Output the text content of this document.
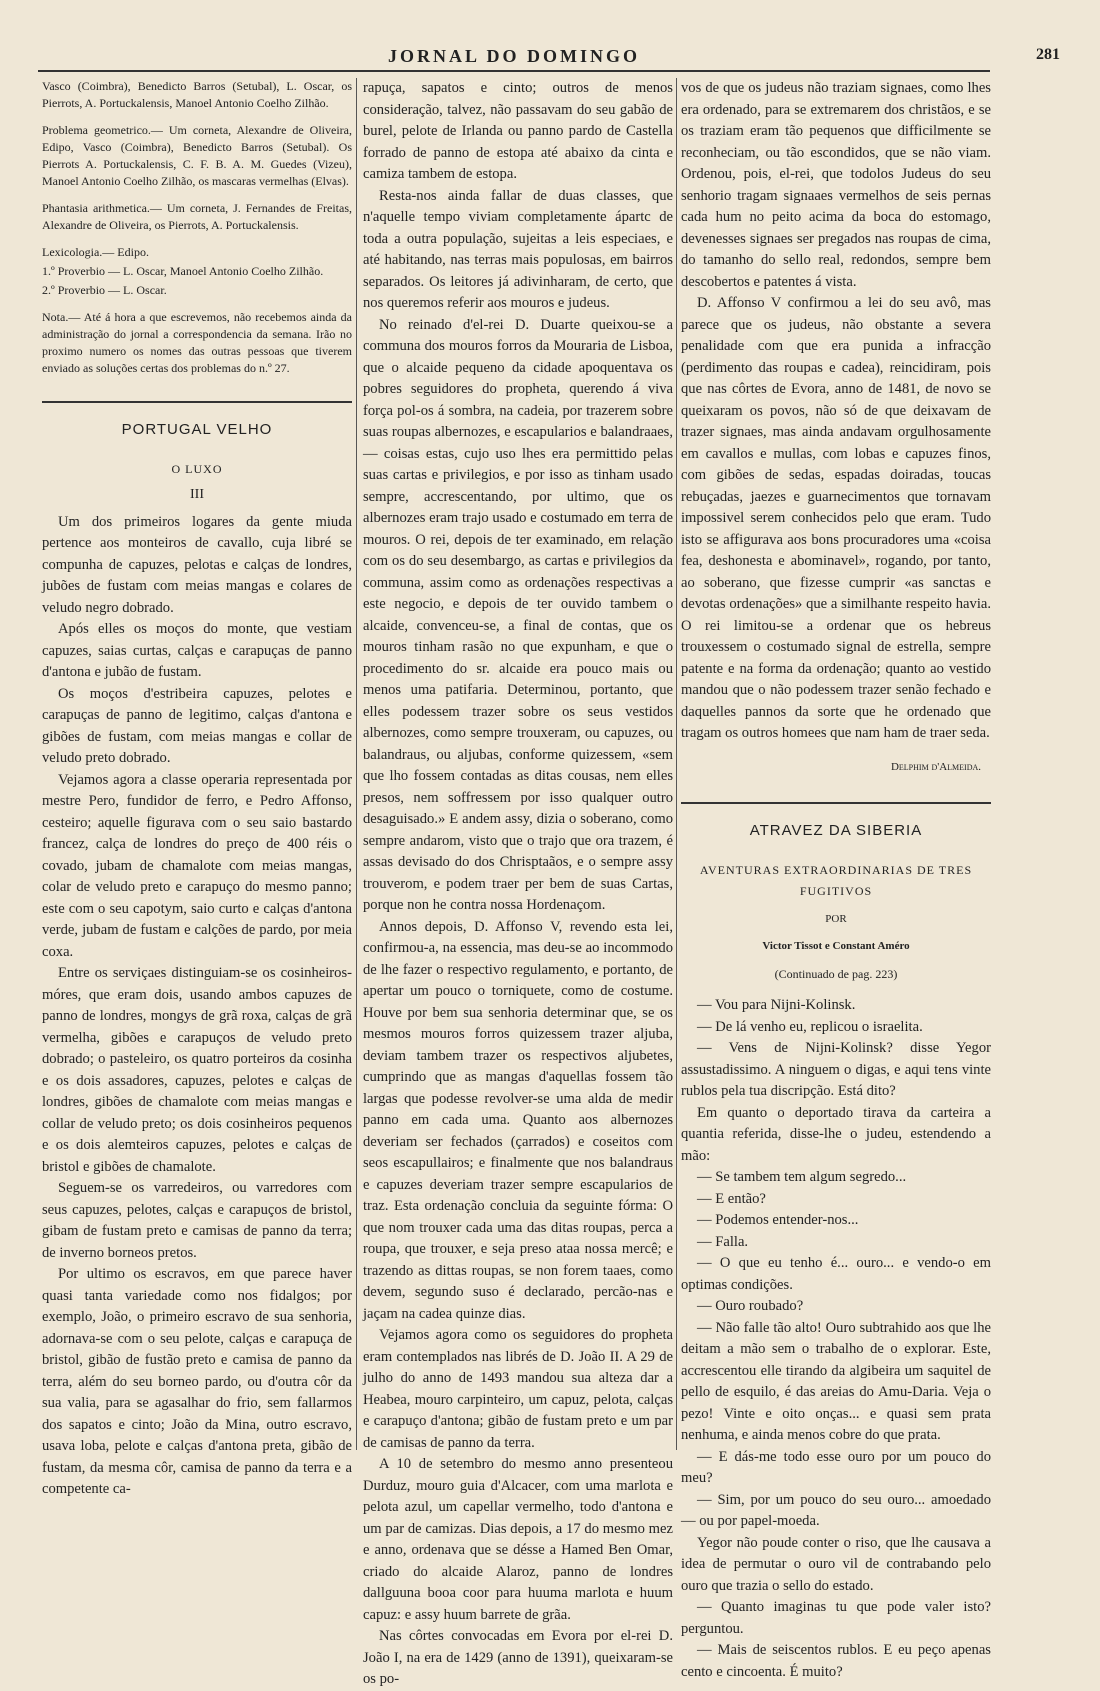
JORNAL DO DOMINGO	281

Vasco (Coimbra), Benedicto Barros (Setubal), L. Oscar, os Pierrots, A. Portuckalensis, Manoel Antonio Coelho Zilhão.

Problema geometrico.— Um corneta, Alexandre de Oliveira, Edipo, Vasco (Coimbra), Benedicto Barros (Setubal). Os Pierrots A. Portuckalensis, C. F. B. A. M. Guedes (Vizeu), Manoel Antonio Coelho Zilhão, os mascaras vermelhas (Elvas).

Phantasia arithmetica.— Um corneta, J. Fernandes de Freitas, Alexandre de Oliveira, os Pierrots, A. Portuckalensis.

Lexicologia.— Edipo.

1.º Proverbio — L. Oscar, Manoel Antonio Coelho Zilhão.

2.º Proverbio — L. Oscar.

Nota.— Até á hora a que escrevemos, não recebemos ainda da administração do jornal a correspondencia da semana. Irão no proximo numero os nomes das outras pessoas que tiverem enviado as soluções certas dos problemas do n.º 27.

PORTUGAL VELHO
O LUXO
III

Um dos primeiros logares da gente miuda pertence aos monteiros de cavallo, cuja libré se compunha de capuzes, pelotas e calças de londres, jubões de fustam com meias mangas e colares de veludo negro dobrado.

Após elles os moços do monte, que vestiam capuzes, saias curtas, calças e carapuças de panno d'antona e jubão de fustam.

Os moços d'estribeira capuzes, pelotes e carapuças de panno de legitimo, calças d'antona e gibões de fustam, com meias mangas e collar de veludo preto dobrado.

Vejamos agora a classe operaria representada por mestre Pero, fundidor de ferro, e Pedro Affonso, cesteiro; aquelle figurava com o seu saio bastardo francez, calça de londres do preço de 400 réis o covado, jubam de chamalote com meias mangas, colar de veludo preto e carapuço do mesmo panno; este com o seu capotym, saio curto e calças d'antona verde, jubam de fustam e calções de pardo, por meia coxa.

Entre os serviçaes distinguiam-se os cosinheiros-móres, que eram dois, usando ambos capuzes de panno de londres, mongys de grã roxa, calças de grã vermelha, gibões e carapuços de veludo preto dobrado; o pasteleiro, os quatro porteiros da cosinha e os dois assadores, capuzes, pelotes e calças de londres, gibões de chamalote com meias mangas e collar de veludo preto; os dois cosinheiros pequenos e os dois alemteiros capuzes, pelotes e calças de bristol e gibões de chamalote.

Seguem-se os varredeiros, ou varredores com seus capuzes, pelotes, calças e carapuços de bristol, gibam de fustam preto e camisas de panno da terra; de inverno borneos pretos.

Por ultimo os escravos, em que parece haver quasi tanta variedade como nos fidalgos; por exemplo, João, o primeiro escravo de sua senhoria, adornava-se com o seu pelote, calças e carapuça de bristol, gibão de fustão preto e camisa de panno da terra, além do seu borneo pardo, ou d'outra côr da sua valia, para se agasalhar do frio, sem fallarmos dos sapatos e cinto; João da Mina, outro escravo, usava loba, pelote e calças d'antona preta, gibão de fustam, da mesma côr, camisa de panno da terra e a competente ca-

rapuça, sapatos e cinto; outros de menos consideração, talvez, não passavam do seu gabão de burel, pelote de Irlanda ou panno pardo de Castella forrado de panno de estopa até abaixo da cinta e camiza tambem de estopa.

Resta-nos ainda fallar de duas classes, que n'aquelle tempo viviam completamente ápartc de toda a outra população, sujeitas a leis especiaes, e até habitando, nas terras mais populosas, em bairros separados. Os leitores já adivinharam, de certo, que nos queremos referir aos mouros e judeus.

No reinado d'el-rei D. Duarte queixou-se a communa dos mouros forros da Mouraria de Lisboa, que o alcaide pequeno da cidade apoquentava os pobres seguidores do propheta, querendo á viva força pol-os á sombra, na cadeia, por trazerem sobre suas roupas albernozes, e escapularios e balandraaes,— coisas estas, cujo uso lhes era permittido pelas suas cartas e privilegios, e por isso as tinham usado sempre, accrescentando, por ultimo, que os albernozes eram trajo usado e costumado em terra de mouros. O rei, depois de ter examinado, em relação com os do seu desembargo, as cartas e privilegios da communa, assim como as ordenações respectivas a este negocio, e depois de ter ouvido tambem o alcaide, convenceu-se, a final de contas, que os mouros tinham rasão no que expunham, e que o procedimento do sr. alcaide era pouco mais ou menos uma patifaria. Determinou, portanto, que elles podessem trazer sobre os seus vestidos albernozes, como sempre trouxeram, ou capuzes, ou balandraus, ou aljubas, conforme quizessem, «sem que lho fossem contadas as ditas cousas, nem elles presos, nem soffressem por isso qualquer outro desaguisado.» E andem assy, dizia o soberano, como sempre andarom, visto que o trajo que ora trazem, é assas devisado do dos Chrisptaãos, e o sempre assy trouverom, e podem traer per bem de suas Cartas, porque non he contra nossa Hordenaçom.

Annos depois, D. Affonso V, revendo esta lei, confirmou-a, na essencia, mas deu-se ao incommodo de lhe fazer o respectivo regulamento, e portanto, de apertar um pouco o torniquete, como de costume. Houve por bem sua senhoria determinar que, se os mesmos mouros forros quizessem trazer aljuba, deviam tambem trazer os respectivos aljubetes, cumprindo que as mangas d'aquellas fossem tão largas que podesse revolver-se uma alda de medir panno em cada uma. Quanto aos albernozes deveriam ser fechados (çarrados) e coseitos com seos escapullairos; e finalmente que nos balandraus e capuzes deveriam trazer sempre escapularios de traz. Esta ordenação concluia da seguinte fórma: O que nom trouxer cada uma das ditas roupas, perca a roupa, que trouxer, e seja preso ataa nossa mercê; e trazendo as dittas roupas, se non forem taaes, como devem, segundo suso é declarado, percão-nas e jaçam na cadea quinze dias.

Vejamos agora como os seguidores do propheta eram contemplados nas librés de D. João II. A 29 de julho do anno de 1493 mandou sua alteza dar a Heabea, mouro carpinteiro, um capuz, pelota, calças e carapuço d'antona; gibão de fustam preto e um par de camisas de panno da terra.

A 10 de setembro do mesmo anno presenteou Durduz, mouro guia d'Alcacer, com uma marlota e pelota azul, um capellar vermelho, todo d'antona e um par de camizas. Dias depois, a 17 do mesmo mez e anno, ordenava que se désse a Hamed Ben Omar, criado do alcaide Alaroz, panno de londres dallguuna booa coor para huuma marlota e huum capuz: e assy huum barrete de grãa.

Nas côrtes convocadas em Evora por el-rei D. João I, na era de 1429 (anno de 1391), queixaram-se os po-

vos de que os judeus não traziam signaes, como lhes era ordenado, para se extremarem dos christãos, e se os traziam eram tão pequenos que difficilmente se reconheciam, ou tão escondidos, que se não viam. Ordenou, pois, el-rei, que todolos Judeus do seu senhorio tragam signaaes vermelhos de seis pernas cada hum no peito acima da boca do estomago, devenesses signaes ser pregados nas roupas de cima, do tamanho do sello real, redondos, sempre bem descobertos e patentes á vista.

D. Affonso V confirmou a lei do seu avô, mas parece que os judeus, não obstante a severa penalidade com que era punida a infracção (perdimento das roupas e cadea), reincidiram, pois que nas côrtes de Evora, anno de 1481, de novo se queixaram os povos, não só de que deixavam de trazer signaes, mas ainda andavam orgulhosamente em cavallos e mullas, com lobas e capuzes finos, com gibões de sedas, espadas doiradas, toucas rebuçadas, jaezes e guarnecimentos que tornavam impossivel serem conhecidos pelo que eram. Tudo isto se affigurava aos bons procuradores uma «coisa fea, deshonesta e abominavel», rogando, por tanto, ao soberano, que fizesse cumprir «as sanctas e devotas ordenações» que a similhante respeito havia. O rei limitou-se a ordenar que os hebreus trouxessem o costumado signal de estrella, sempre patente e na forma da ordenação; quanto ao vestido mandou que o não podessem trazer senão fechado e daquelles pannos da sorte que he ordenado que tragam os outros homees que nam ham de traer seda.

Delphim d'Almeida.
ATRAVEZ DA SIBERIA
AVENTURAS EXTRAORDINARIAS DE TRES FUGITIVOS
POR
Victor Tissot e Constant Améro
(Continuado de pag. 223)

— Vou para Nijni-Kolinsk.

— De lá venho eu, replicou o israelita.

— Vens de Nijni-Kolinsk? disse Yegor assustadissimo. A ninguem o digas, e aqui tens vinte rublos pela tua discripção. Está dito?

Em quanto o deportado tirava da carteira a quantia referida, disse-lhe o judeu, estendendo a mão:

— Se tambem tem algum segredo...

— E então?

— Podemos entender-nos...

— Falla.

— O que eu tenho é... ouro... e vendo-o em optimas condições.

— Ouro roubado?

— Não falle tão alto! Ouro subtrahido aos que lhe deitam a mão sem o trabalho de o explorar. Este, accrescentou elle tirando da algibeira um saquitel de pello de esquilo, é das areias do Amu-Daria. Veja o pezo! Vinte e oito onças... e quasi sem prata nenhuma, e ainda menos cobre do que prata.

— E dás-me todo esse ouro por um pouco do meu?

— Sim, por um pouco do seu ouro... amoedado — ou por papel-moeda.

Yegor não poude conter o riso, que lhe causava a idea de permutar o ouro vil de contrabando pelo ouro que trazia o sello do estado.

— Quanto imaginas tu que pode valer isto? perguntou.

— Mais de seiscentos rublos. E eu peço apenas cento e cincoenta. É muito?
